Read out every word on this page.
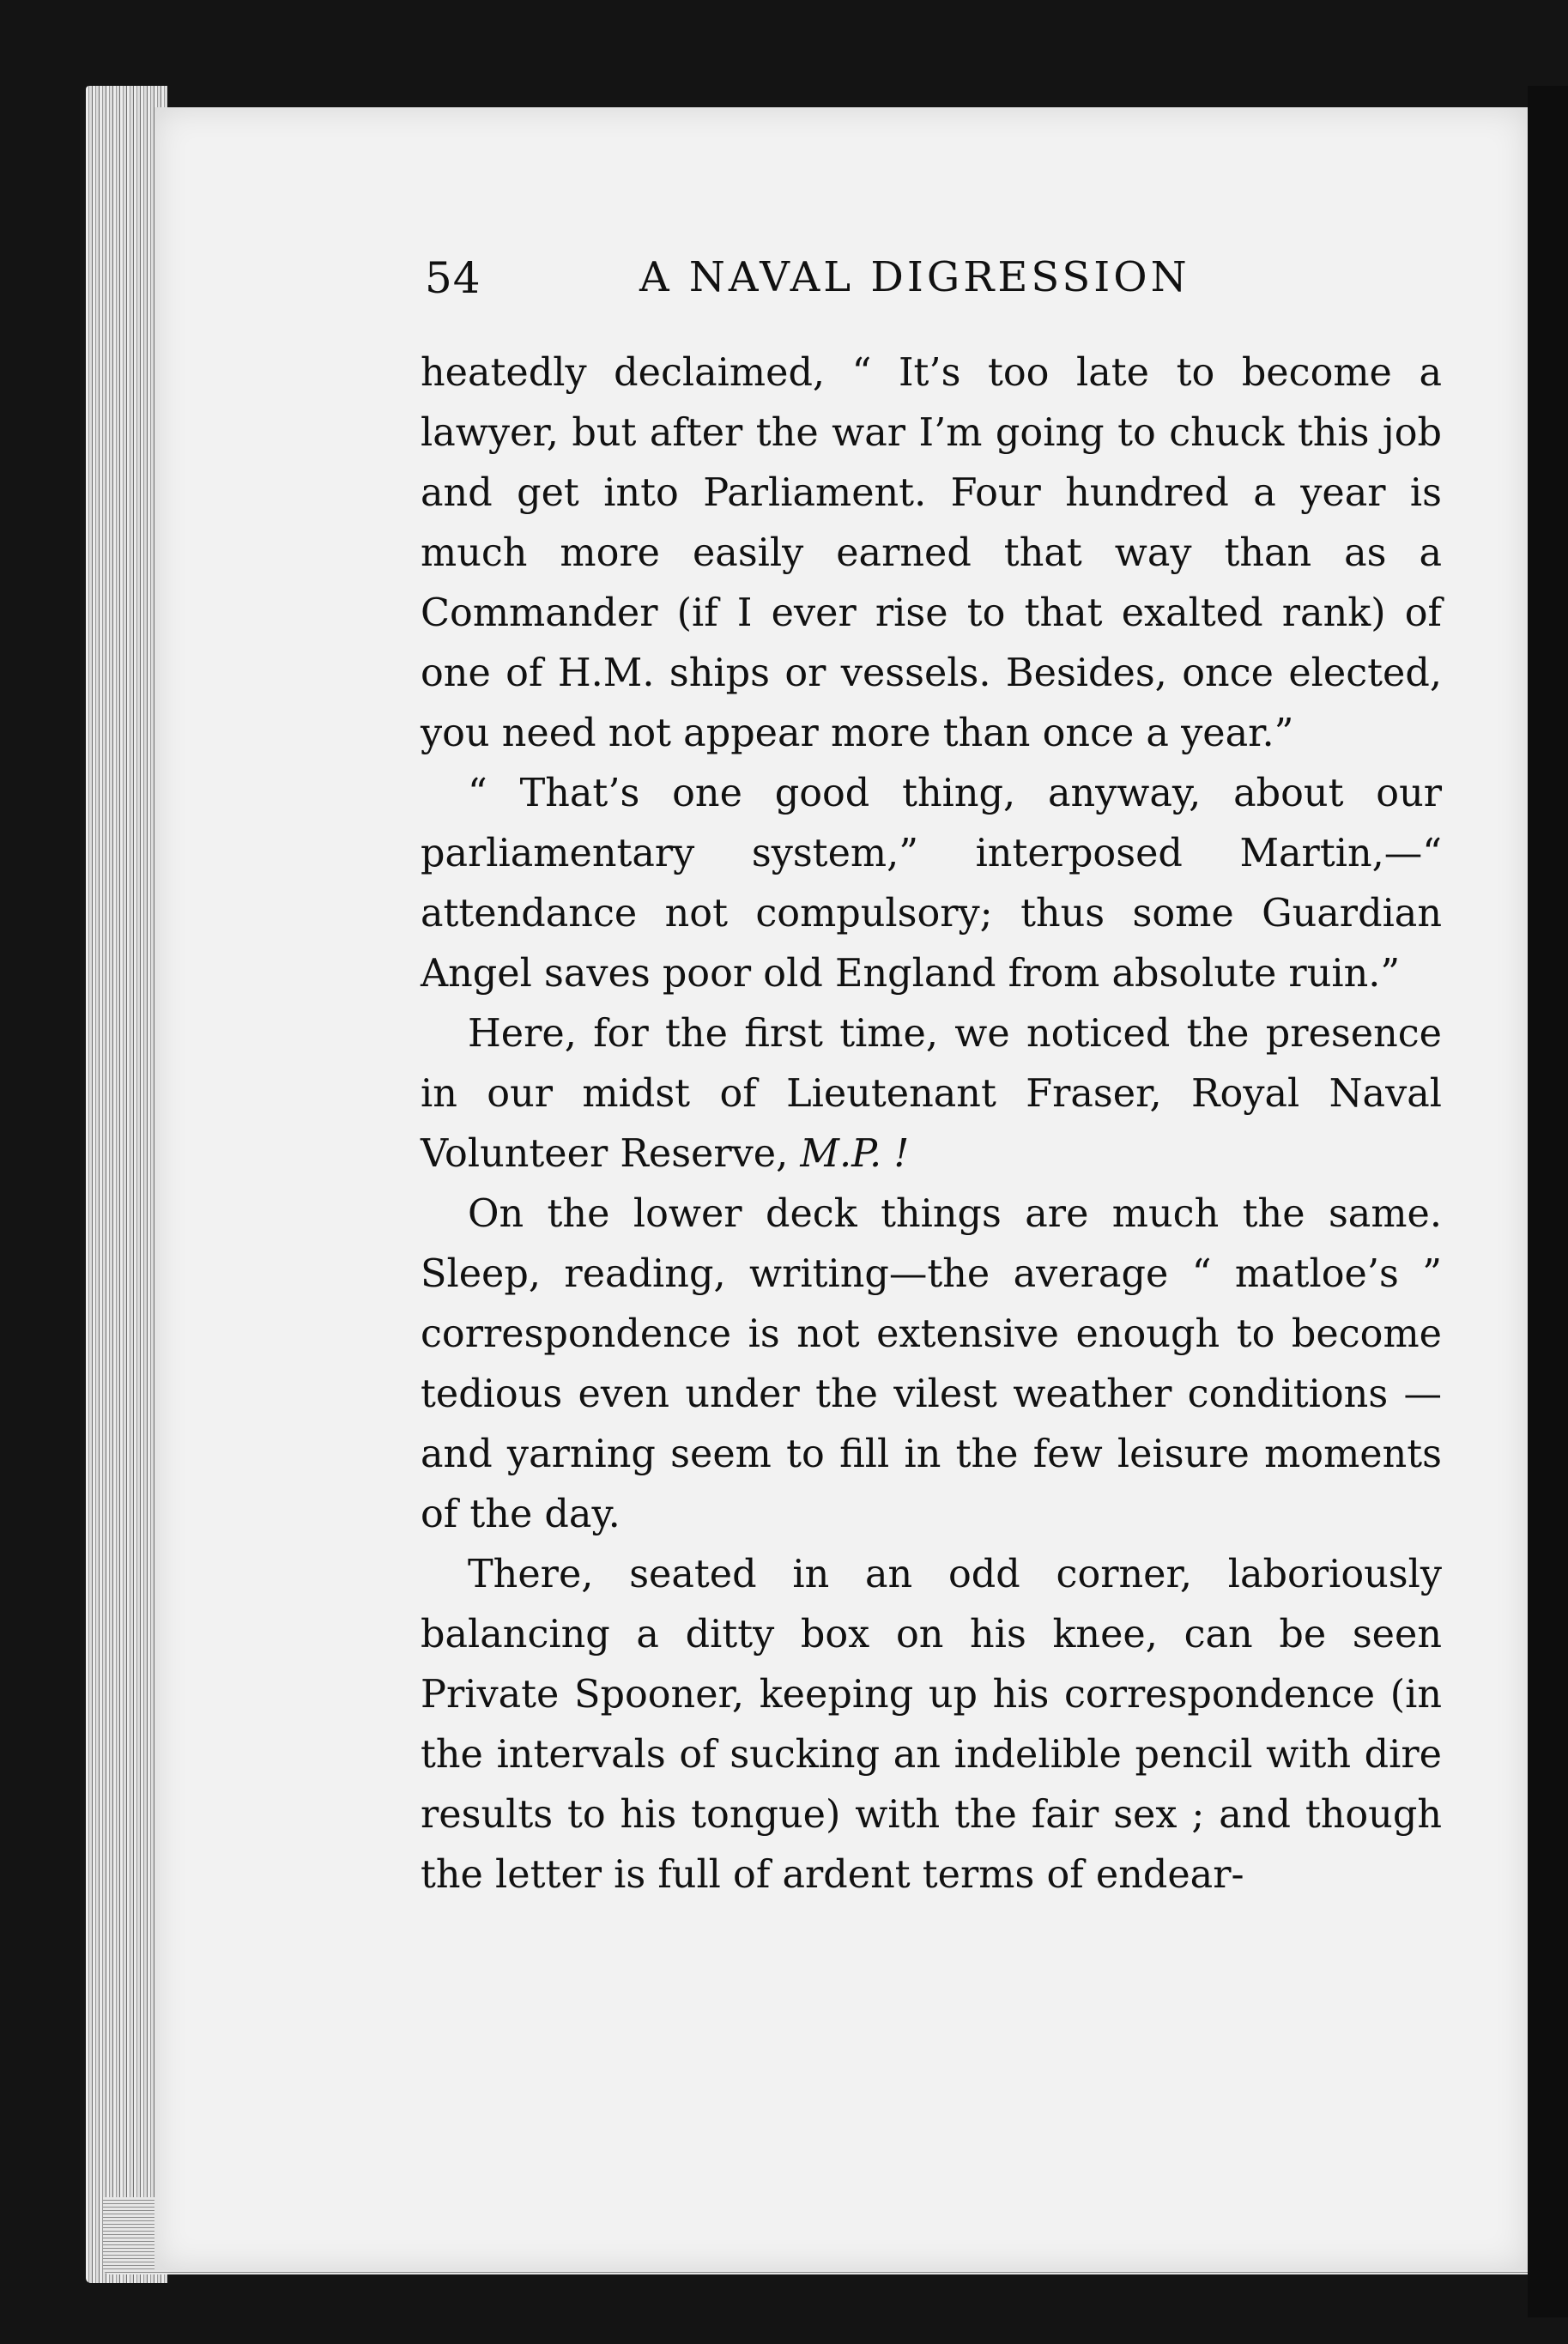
54	A NAVAL DIGRESSION

heatedly declaimed, “ It’s too late to become a lawyer, but after the war I’m going to chuck this job and get into Parliament. Four hundred a year is much more easily earned that way than as a Commander (if I ever rise to that exalted rank) of one of H.M. ships or vessels. Besides, once elected, you need not appear more than once a year.”

“ That’s one good thing, anyway, about our parliamentary system,” interposed Martin,—“ attendance not compulsory; thus some Guardian Angel saves poor old England from absolute ruin.”

Here, for the first time, we noticed the presence in our midst of Lieutenant Fraser, Royal Naval Volunteer Reserve, M.P. !

On the lower deck things are much the same. Sleep, reading, writing—the average “ matloe’s ” correspondence is not extensive enough to become tedious even under the vilest weather conditions —and yarning seem to fill in the few leisure moments of the day.

There, seated in an odd corner, laboriously balancing a ditty box on his knee, can be seen Private Spooner, keeping up his correspondence (in the intervals of sucking an indelible pencil with dire results to his tongue) with the fair sex ; and though the letter is full of ardent terms of endear-
